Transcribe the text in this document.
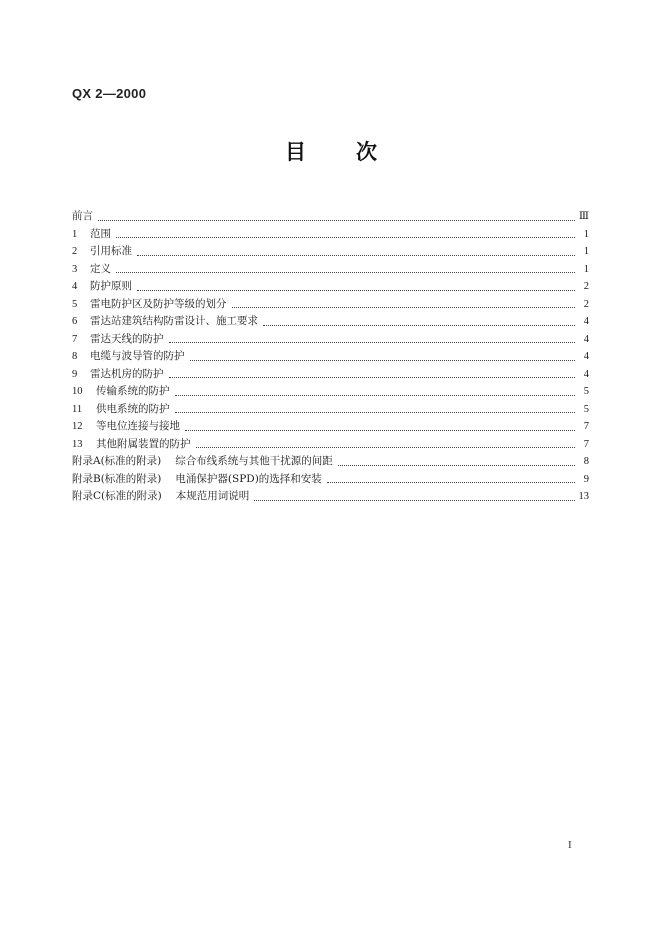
QX 2—2000
目 次
前言	Ⅲ
1	范围	1
2	引用标准	1
3	定义	1
4	防护原则	2
5	雷电防护区及防护等级的划分	2
6	雷达站建筑结构防雷设计、施工要求	4
7	雷达天线的防护	4
8	电缆与波导管的防护	4
9	雷达机房的防护	4
10	传输系统的防护	5
11	供电系统的防护	5
12	等电位连接与接地	7
13	其他附属装置的防护	7
附录A(标准的附录) 综合布线系统与其他干扰源的间距	8
附录B(标准的附录) 电涌保护器(SPD)的选择和安装	9
附录C(标准的附录) 本规范用词说明	13
I
